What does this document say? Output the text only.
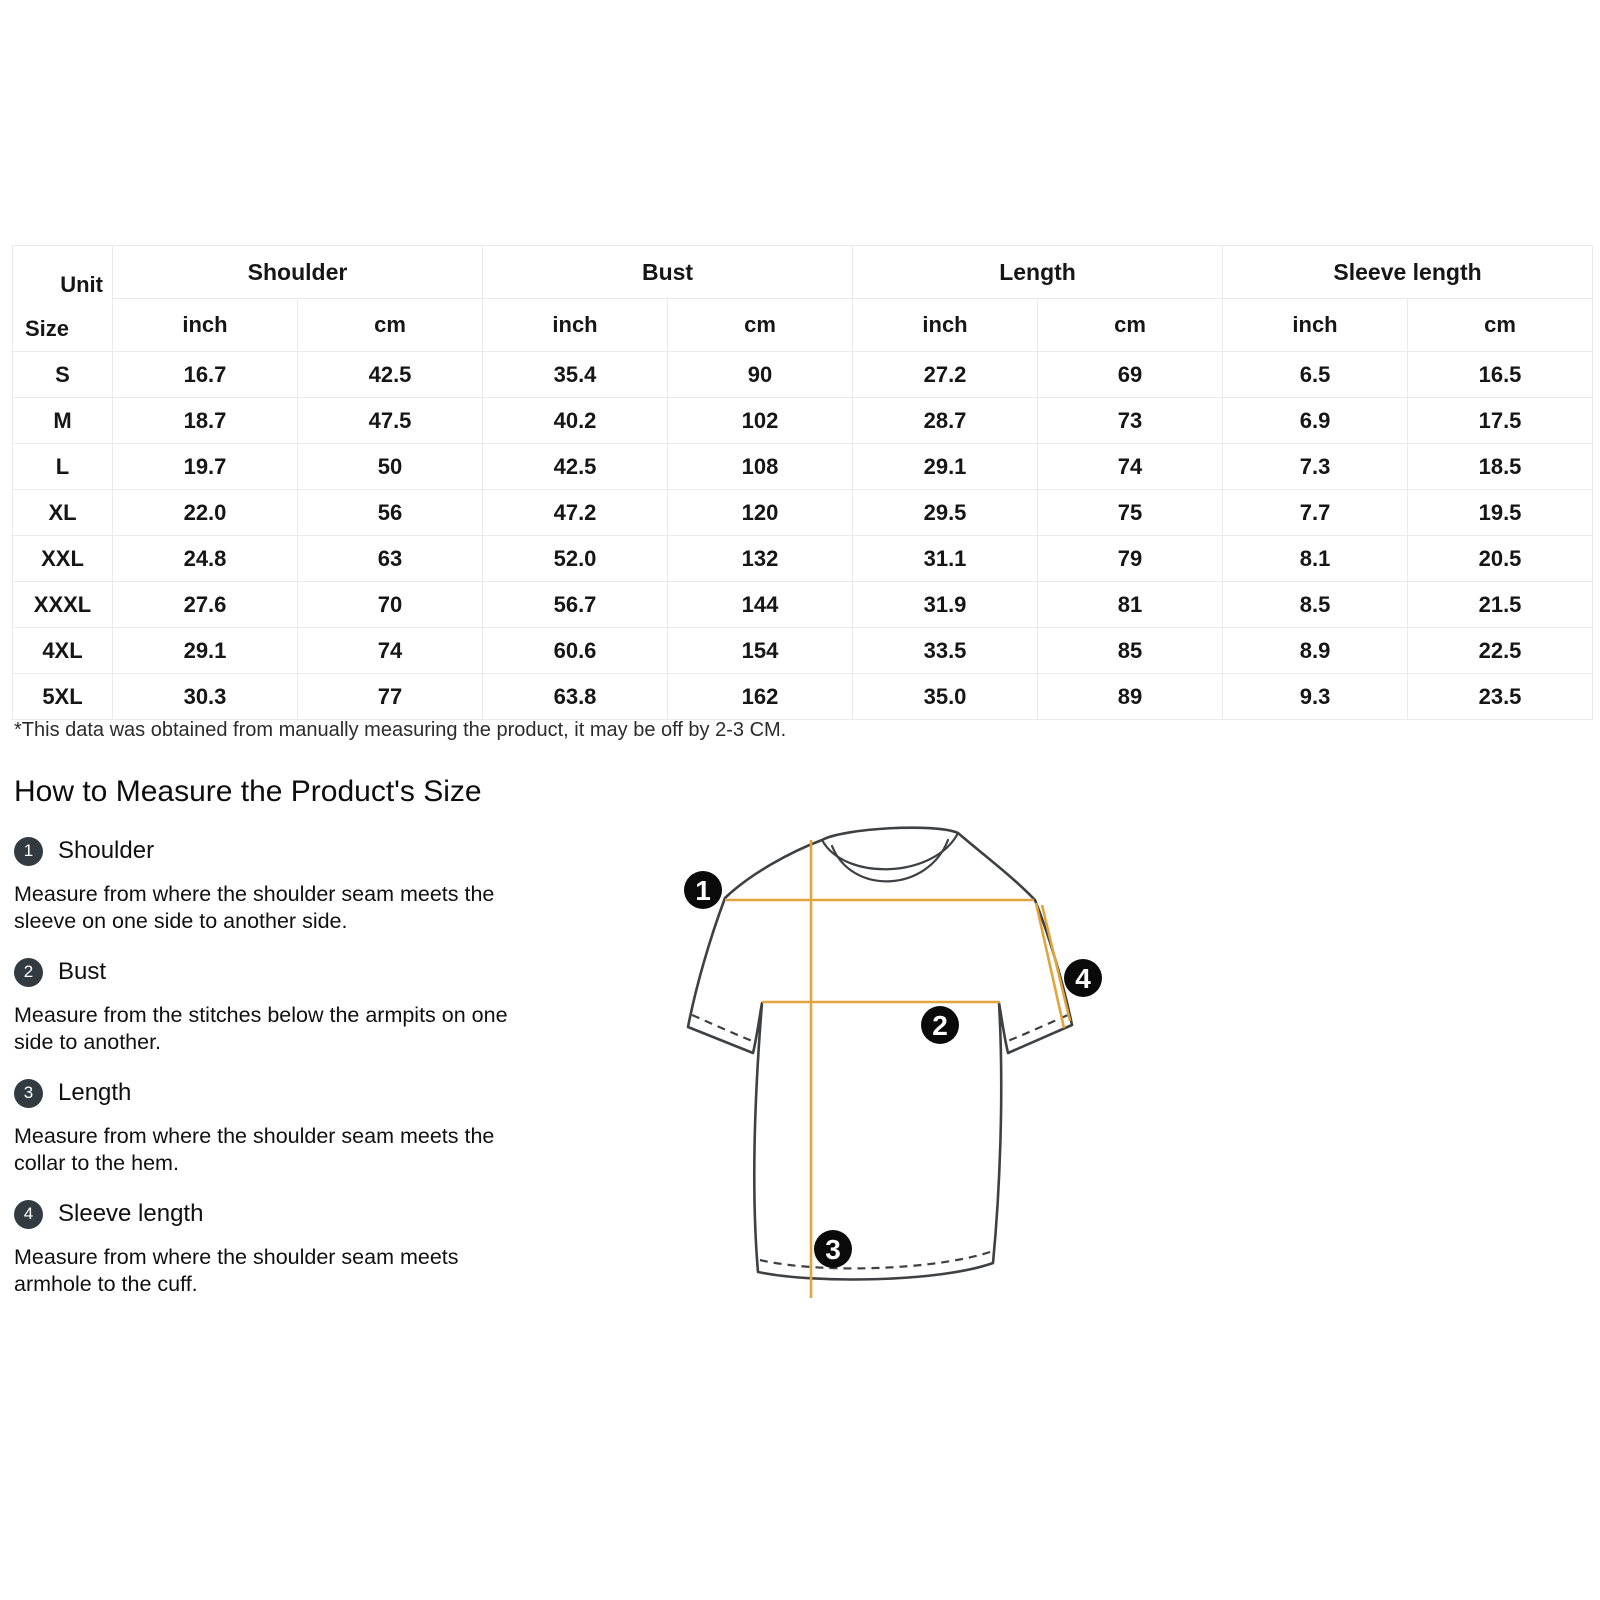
Unit
Size	Shoulder		Bust		Length		Sleeve length	
	inch	cm	inch	cm	inch	cm	inch	cm
S	16.7	42.5	35.4	90	27.2	69	6.5	16.5
M	18.7	47.5	40.2	102	28.7	73	6.9	17.5
L	19.7	50	42.5	108	29.1	74	7.3	18.5
XL	22.0	56	47.2	120	29.5	75	7.7	19.5
XXL	24.8	63	52.0	132	31.1	79	8.1	20.5
XXXL	27.6	70	56.7	144	31.9	81	8.5	21.5
4XL	29.1	74	60.6	154	33.5	85	8.9	22.5
5XL	30.3	77	63.8	162	35.0	89	9.3	23.5

*This data was obtained from manually measuring the product, it may be off by 2-3 CM.

How to Measure the Product's Size
1	Shoulder
Measure from where the shoulder seam meets the
sleeve on one side to another side.
2	Bust
Measure from the stitches below the armpits on one
side to another.
3	Length
Measure from where the shoulder seam meets the
collar to the hem.
4	Sleeve length
Measure from where the shoulder seam meets
armhole to the cuff.
1
2
3
4
